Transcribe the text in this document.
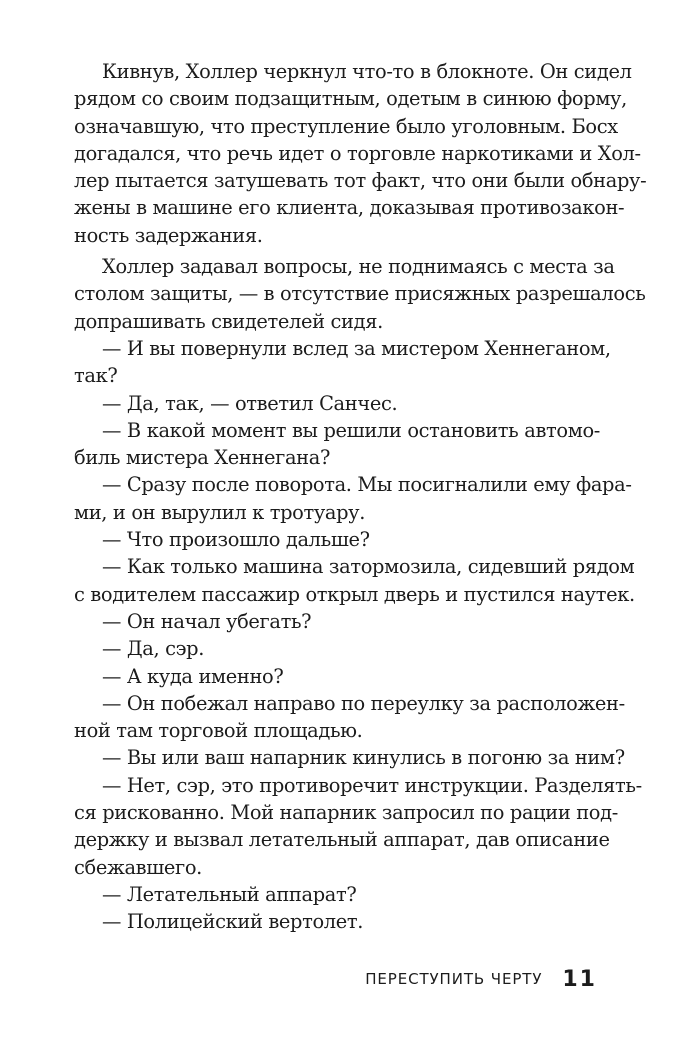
Кивнув, Холлер черкнул что-то в блокноте. Он сидел
рядом со своим подзащитным, одетым в синюю форму,
означавшую, что преступление было уголовным. Босх
догадался, что речь идет о торговле наркотиками и Хол-
лер пытается затушевать тот факт, что они были обнару-
жены в машине его клиента, доказывая противозакон-
ность задержания.

Холлер задавал вопросы, не поднимаясь с места за
столом защиты, — в отсутствие присяжных разрешалось
допрашивать свидетелей сидя.

— И вы повернули вслед за мистером Хеннеганом,
так?

— Да, так, — ответил Санчес.

— В какой момент вы решили остановить автомо-
биль мистера Хеннегана?

— Сразу после поворота. Мы посигналили ему фара-
ми, и он вырулил к тротуару.

— Что произошло дальше?

— Как только машина затормозила, сидевший рядом
с водителем пассажир открыл дверь и пустился наутек.

— Он начал убегать?

— Да, сэр.

— А куда именно?

— Он побежал направо по переулку за расположен-
ной там торговой площадью.

— Вы или ваш напарник кинулись в погоню за ним?

— Нет, сэр, это противоречит инструкции. Разделять-
ся рискованно. Мой напарник запросил по рации под-
держку и вызвал летательный аппарат, дав описание
сбежавшего.

— Летательный аппарат?

— Полицейский вертолет.

ПЕРЕСТУПИТЬ ЧЕРТУ 11
